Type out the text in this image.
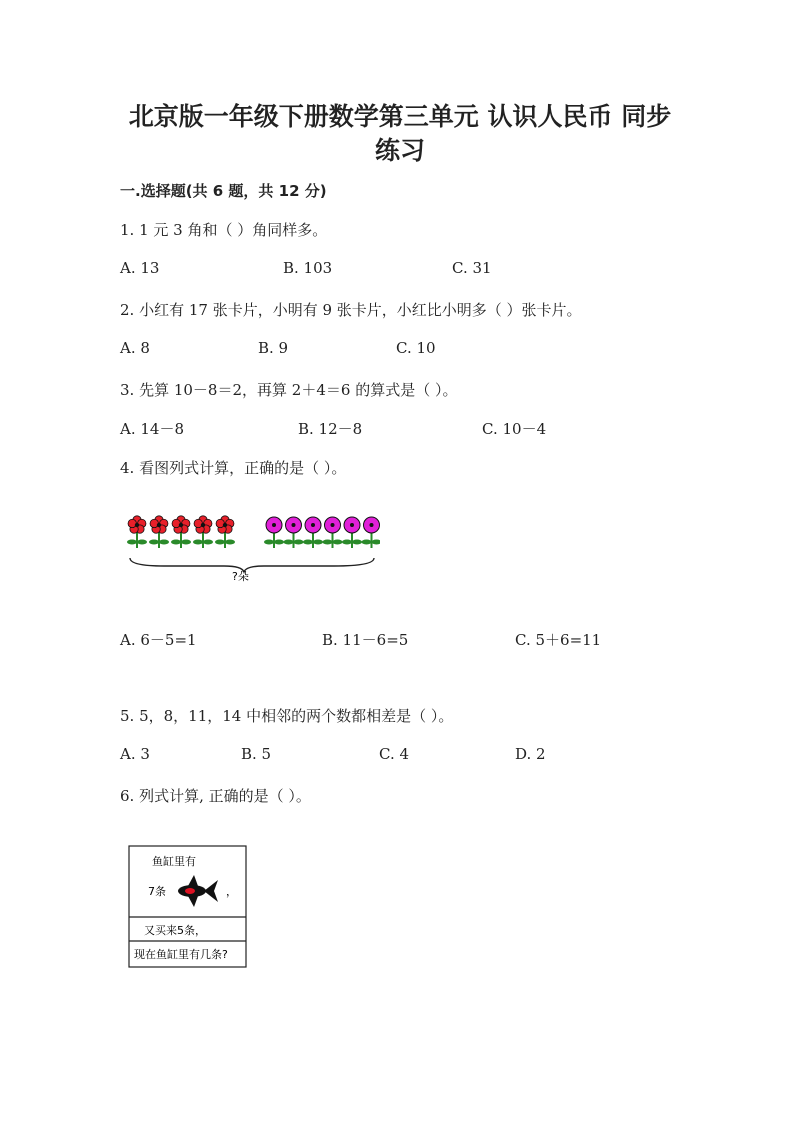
北京版一年级下册数学第三单元 认识人民币 同步
练习
一.选择题(共 6 题，共 12 分)
1. 1 元 3 角和（ ）角同样多。
A. 13	B. 103	C. 31
2. 小红有 17 张卡片，小明有 9 张卡片，小红比小明多（ ）张卡片。
A. 8	B. 9	C. 10
3. 先算 10－8＝2，再算 2＋4＝6 的算式是（ ）。
A. 14－8	B. 12－8	C. 10－4
4. 看图列式计算，正确的是（ ）。
?朵
A. 6－5=1	B. 11－6=5	C. 5＋6=11
5. 5，8，11，14 中相邻的两个数都相差是（ ）。
A. 3	B. 5	C. 4	D. 2
6. 列式计算, 正确的是（ ）。
鱼缸里有
7条	，
又买来5条，
现在鱼缸里有几条?
